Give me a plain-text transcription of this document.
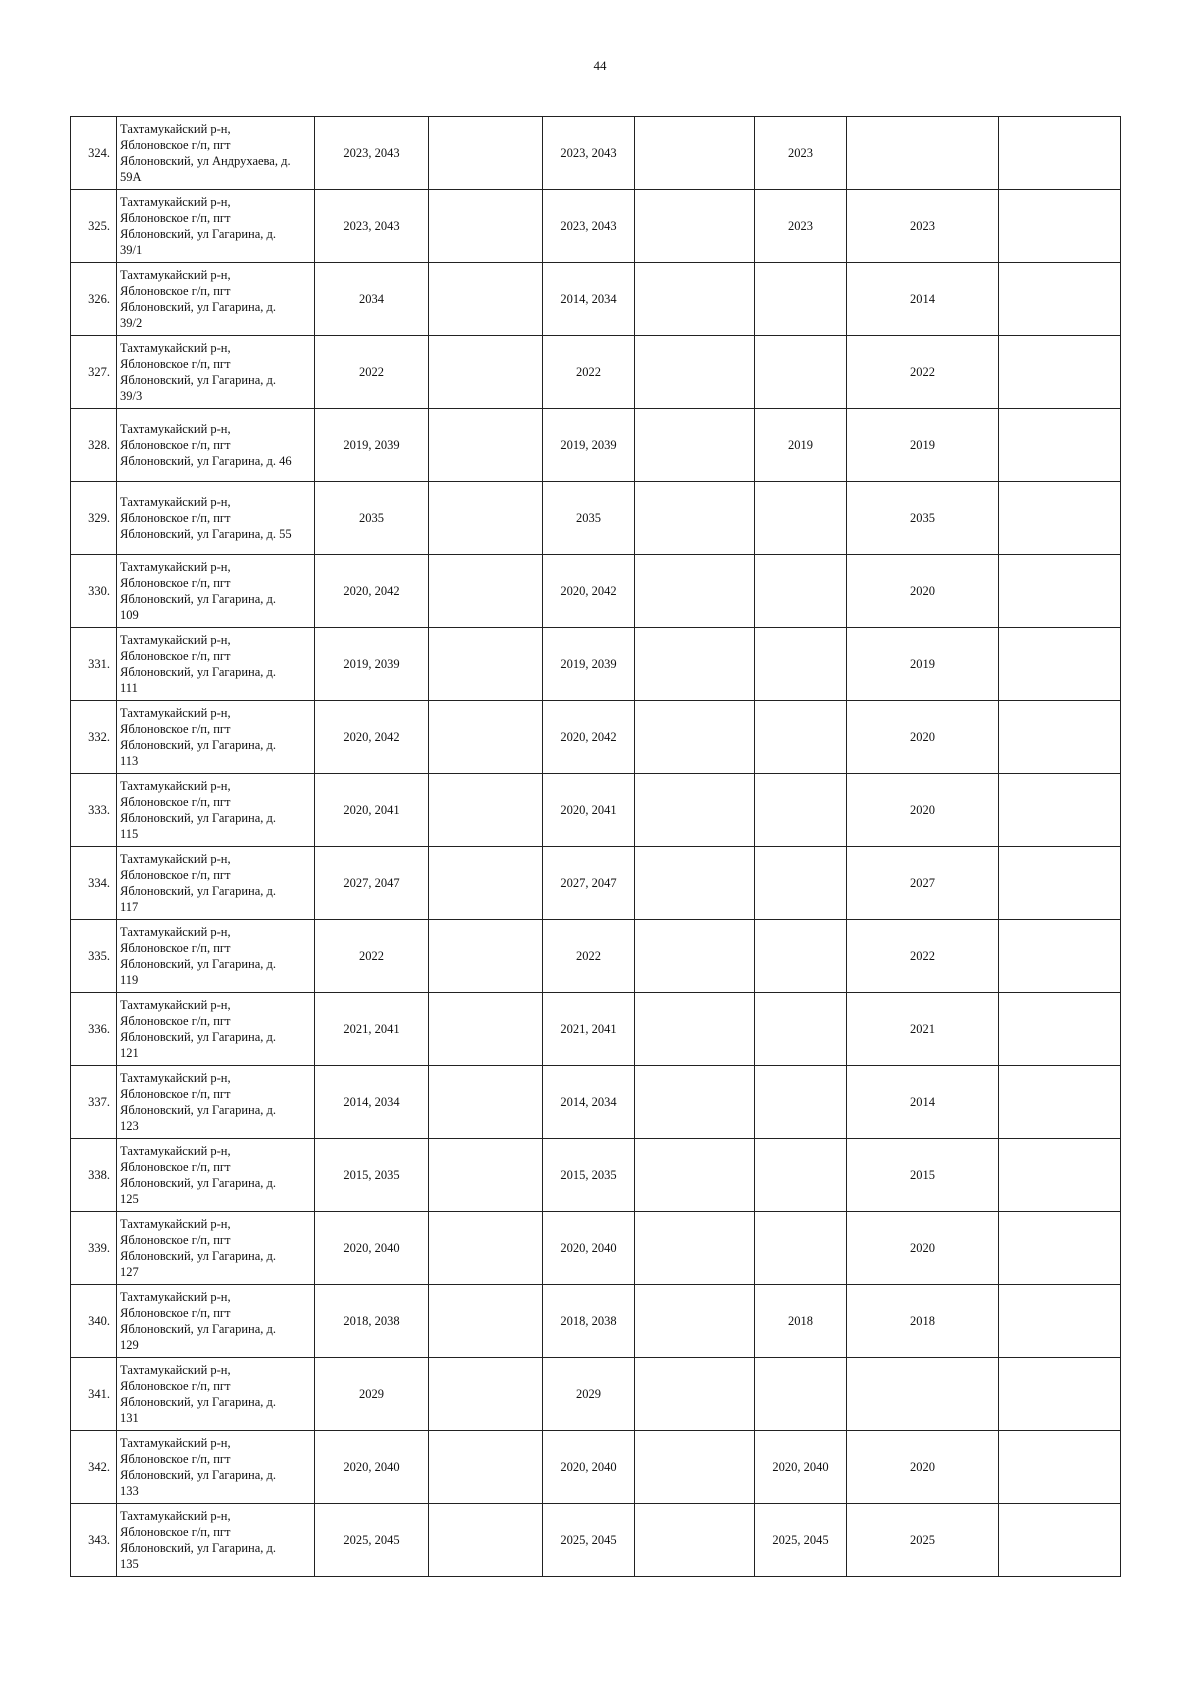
44
324.	Тахтамукайский р-н,
Яблоновское г/п, пгт
Яблоновский, ул Андрухаева, д.
59А	2023, 2043		2023, 2043		2023		
325.	Тахтамукайский р-н,
Яблоновское г/п, пгт
Яблоновский, ул Гагарина, д.
39/1	2023, 2043		2023, 2043		2023	2023	
326.	Тахтамукайский р-н,
Яблоновское г/п, пгт
Яблоновский, ул Гагарина, д.
39/2	2034		2014, 2034			2014	
327.	Тахтамукайский р-н,
Яблоновское г/п, пгт
Яблоновский, ул Гагарина, д.
39/3	2022		2022			2022	
328.	Тахтамукайский р-н,
Яблоновское г/п, пгт
Яблоновский, ул Гагарина, д. 46	2019, 2039		2019, 2039		2019	2019	
329.	Тахтамукайский р-н,
Яблоновское г/п, пгт
Яблоновский, ул Гагарина, д. 55	2035		2035			2035	
330.	Тахтамукайский р-н,
Яблоновское г/п, пгт
Яблоновский, ул Гагарина, д.
109	2020, 2042		2020, 2042			2020	
331.	Тахтамукайский р-н,
Яблоновское г/п, пгт
Яблоновский, ул Гагарина, д.
111	2019, 2039		2019, 2039			2019	
332.	Тахтамукайский р-н,
Яблоновское г/п, пгт
Яблоновский, ул Гагарина, д.
113	2020, 2042		2020, 2042			2020	
333.	Тахтамукайский р-н,
Яблоновское г/п, пгт
Яблоновский, ул Гагарина, д.
115	2020, 2041		2020, 2041			2020	
334.	Тахтамукайский р-н,
Яблоновское г/п, пгт
Яблоновский, ул Гагарина, д.
117	2027, 2047		2027, 2047			2027	
335.	Тахтамукайский р-н,
Яблоновское г/п, пгт
Яблоновский, ул Гагарина, д.
119	2022		2022			2022	
336.	Тахтамукайский р-н,
Яблоновское г/п, пгт
Яблоновский, ул Гагарина, д.
121	2021, 2041		2021, 2041			2021	
337.	Тахтамукайский р-н,
Яблоновское г/п, пгт
Яблоновский, ул Гагарина, д.
123	2014, 2034		2014, 2034			2014	
338.	Тахтамукайский р-н,
Яблоновское г/п, пгт
Яблоновский, ул Гагарина, д.
125	2015, 2035		2015, 2035			2015	
339.	Тахтамукайский р-н,
Яблоновское г/п, пгт
Яблоновский, ул Гагарина, д.
127	2020, 2040		2020, 2040			2020	
340.	Тахтамукайский р-н,
Яблоновское г/п, пгт
Яблоновский, ул Гагарина, д.
129	2018, 2038		2018, 2038		2018	2018	
341.	Тахтамукайский р-н,
Яблоновское г/п, пгт
Яблоновский, ул Гагарина, д.
131	2029		2029				
342.	Тахтамукайский р-н,
Яблоновское г/п, пгт
Яблоновский, ул Гагарина, д.
133	2020, 2040		2020, 2040		2020, 2040	2020	
343.	Тахтамукайский р-н,
Яблоновское г/п, пгт
Яблоновский, ул Гагарина, д.
135	2025, 2045		2025, 2045		2025, 2045	2025	
